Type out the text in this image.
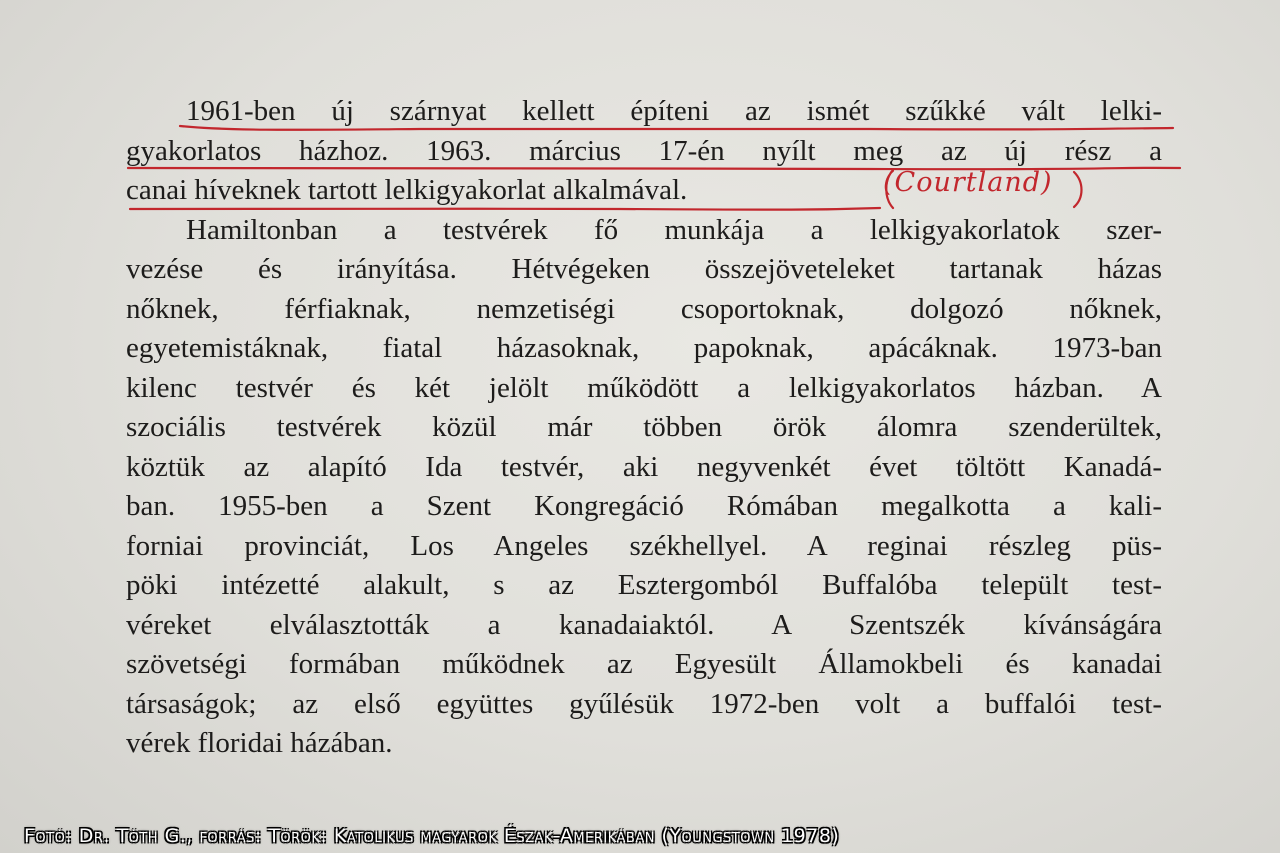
1961-ben új szárnyat kellett építeni az ismét szűkké vált lelki-
gyakorlatos házhoz. 1963. március 17-én nyílt meg az új rész a
canai híveknek tartott lelkigyakorlat alkalmával.
Hamiltonban a testvérek fő munkája a lelkigyakorlatok szer-
vezése és irányítása. Hétvégeken összejöveteleket tartanak házas
nőknek, férfiaknak, nemzetiségi csoportoknak, dolgozó nőknek,
egyetemistáknak, fiatal házasoknak, papoknak, apácáknak. 1973-ban
kilenc testvér és két jelölt működött a lelkigyakorlatos házban. A
szociális testvérek közül már többen örök álomra szenderültek,
köztük az alapító Ida testvér, aki negyvenkét évet töltött Kanadá-
ban. 1955-ben a Szent Kongregáció Rómában megalkotta a kali-
forniai provinciát, Los Angeles székhellyel. A reginai részleg püs-
pöki intézetté alakult, s az Esztergomból Buffalóba települt test-
véreket elválasztották a kanadaiaktól. A Szentszék kívánságára
szövetségi formában működnek az Egyesült Államokbeli és kanadai
társaságok; az első együttes gyűlésük 1972-ben volt a buffalói test-
vérek floridai házában.
(Courtland)
Fotó: Dr. Tóth G., forrás: Török: Katolikus magyarok Észak-Amerikában (Youngstown 1978)
